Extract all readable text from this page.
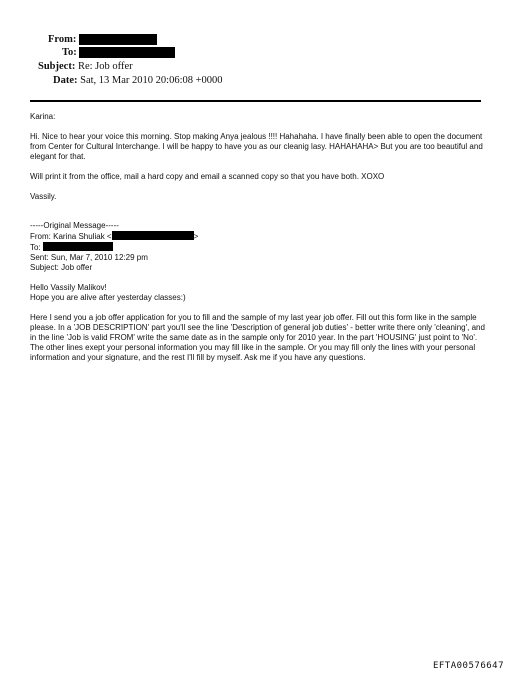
From:
To:
Subject: Re: Job offer
Date: Sat, 13 Mar 2010 20:06:08 +0000

Karina:

Hi. Nice to hear your voice this morning. Stop making Anya jealous !!!! Hahahaha. I have finally been able to open the document from Center for Cultural Interchange. I will be happy to have you as our cleanig lasy. HAHAHAHA> But you are too beautiful and elegant for that.

Will print it from the office, mail a hard copy and email a scanned copy so that you have both. XOXO

Vassily.

-----Original Message-----

From: Karina Shuliak <	>

To:

Sent: Sun, Mar 7, 2010 12:29 pm

Subject: Job offer

Hello Vassily Malikov!

Hope you are alive after yesterday classes:)

Here I send you a job offer application for you to fill and the sample of my last year job offer. Fill out this form like in the sample please. In a 'JOB DESCRIPTION' part you'll see the line 'Description of general job duties' - better write there only 'cleaning', and in the line 'Job is valid FROM' write the same date as in the sample only for 2010 year. In the part 'HOUSING' just point to 'No'. The other lines exept your personal information you may fill like in the sample. Or you may fill only the lines with your personal information and your signature, and the rest I'll fill by myself. Ask me if you have any questions.

EFTA00576647
